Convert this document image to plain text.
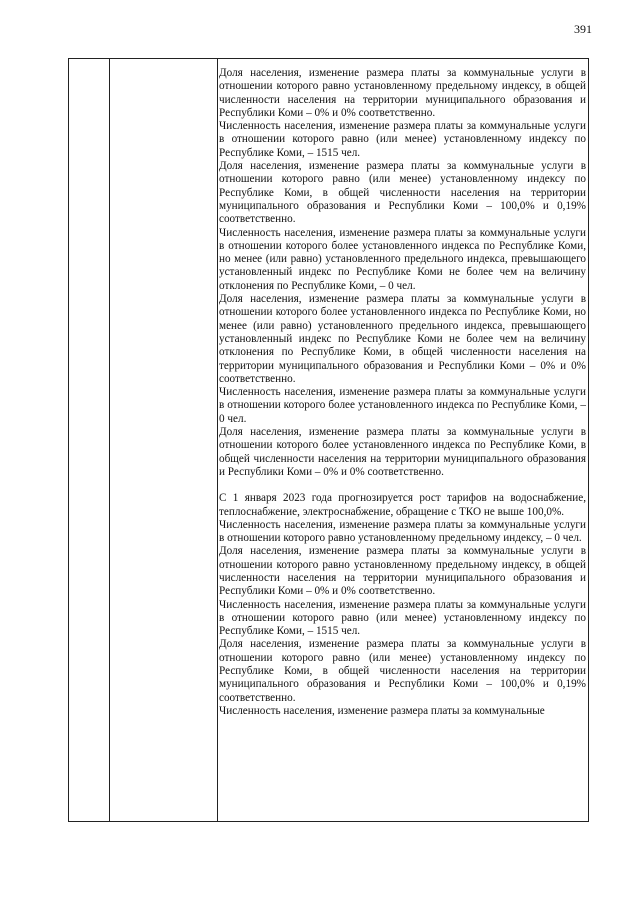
391

Доля населения, изменение размера платы за коммунальные услуги в отношении которого равно установленному предельному индексу, в общей численности населения на территории муниципального образования и Республики Коми – 0% и 0% соответственно.

Численность населения, изменение размера платы за коммунальные услуги в отношении которого равно (или менее) установленному индексу по Республике Коми, – 1515 чел.

Доля населения, изменение размера платы за коммунальные услуги в отношении которого равно (или менее) установленному индексу по Республике Коми, в общей численности населения на территории муниципального образования и Республики Коми – 100,0% и 0,19% соответственно.

Численность населения, изменение размера платы за коммунальные услуги в отношении которого более установленного индекса по Республике Коми, но менее (или равно) установленного предельного индекса, превышающего установленный индекс по Республике Коми не более чем на величину отклонения по Республике Коми, – 0 чел.

Доля населения, изменение размера платы за коммунальные услуги в отношении которого более установленного индекса по Республике Коми, но менее (или равно) установленного предельного индекса, превышающего установленный индекс по Республике Коми не более чем на величину отклонения по Республике Коми, в общей численности населения на территории муниципального образования и Республики Коми – 0% и 0% соответственно.

Численность населения, изменение размера платы за коммунальные услуги в отношении которого более установленного индекса по Республике Коми, – 0 чел.

Доля населения, изменение размера платы за коммунальные услуги в отношении которого более установленного индекса по Республике Коми, в общей численности населения на территории муниципального образования и Республики Коми – 0% и 0% соответственно.

С 1 января 2023 года прогнозируется рост тарифов на водоснабжение, теплоснабжение, электроснабжение, обращение с ТКО не выше 100,0%.

Численность населения, изменение размера платы за коммунальные услуги в отношении которого равно установленному предельному индексу, – 0 чел.

Доля населения, изменение размера платы за коммунальные услуги в отношении которого равно установленному предельному индексу, в общей численности населения на территории муниципального образования и Республики Коми – 0% и 0% соответственно.

Численность населения, изменение размера платы за коммунальные услуги в отношении которого равно (или менее) установленному индексу по Республике Коми, – 1515 чел.

Доля населения, изменение размера платы за коммунальные услуги в отношении которого равно (или менее) установленному индексу по Республике Коми, в общей численности населения на территории муниципального образования и Республики Коми – 100,0% и 0,19% соответственно.

Численность населения, изменение размера платы за коммунальные
